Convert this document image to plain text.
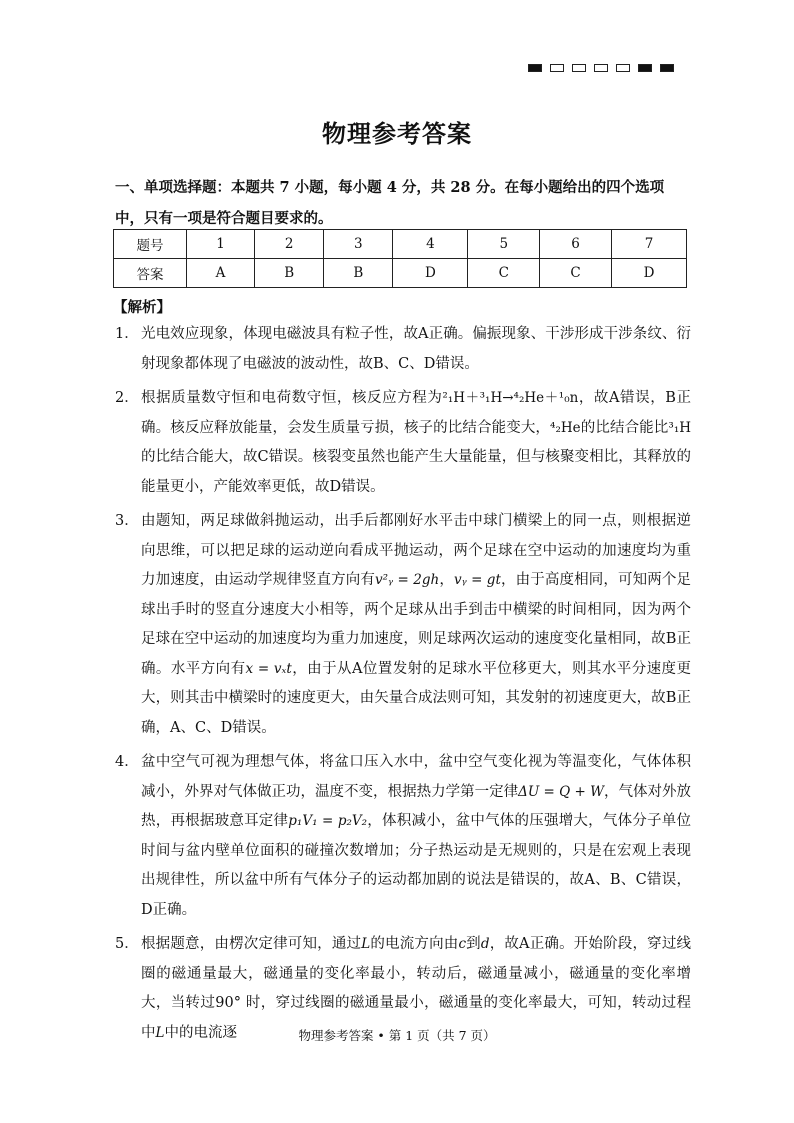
物理参考答案
一、单项选择题：本题共 7 小题，每小题 4 分，共 28 分。在每小题给出的四个选项中，只有一项是符合题目要求的。
题号	1	2	3	4	5	6	7
答案	A	B	B	D	C	C	D
【解析】
1． 光电效应现象，体现电磁波具有粒子性，故A正确。偏振现象、干涉形成干涉条纹、衍射现象都体现了电磁波的波动性，故B、C、D错误。

2． 根据质量数守恒和电荷数守恒，核反应方程为²₁H＋³₁H→⁴₂He＋¹₀n，故A错误，B正确。核反应释放能量，会发生质量亏损，核子的比结合能变大，⁴₂He的比结合能比³₁H的比结合能大，故C错误。核裂变虽然也能产生大量能量，但与核聚变相比，其释放的能量更小，产能效率更低，故D错误。

3． 由题知，两足球做斜抛运动，出手后都刚好水平击中球门横梁上的同一点，则根据逆向思维，可以把足球的运动逆向看成平抛运动，两个足球在空中运动的加速度均为重力加速度，由运动学规律竖直方向有v²ᵧ = 2gh，vᵧ = gt，由于高度相同，可知两个足球出手时的竖直分速度大小相等，两个足球从出手到击中横梁的时间相同，因为两个足球在空中运动的加速度均为重力加速度，则足球两次运动的速度变化量相同，故B正确。水平方向有x = vₓt，由于从A位置发射的足球水平位移更大，则其水平分速度更大，则其击中横梁时的速度更大，由矢量合成法则可知，其发射的初速度更大，故B正确，A、C、D错误。

4． 盆中空气可视为理想气体，将盆口压入水中，盆中空气变化视为等温变化，气体体积减小，外界对气体做正功，温度不变，根据热力学第一定律ΔU = Q + W，气体对外放热，再根据玻意耳定律p₁V₁ = p₂V₂，体积减小，盆中气体的压强增大，气体分子单位时间与盆内壁单位面积的碰撞次数增加；分子热运动是无规则的，只是在宏观上表现出规律性，所以盆中所有气体分子的运动都加剧的说法是错误的，故A、B、C错误，D正确。

5． 根据题意，由楞次定律可知，通过L的电流方向由c到d，故A正确。开始阶段，穿过线圈的磁通量最大，磁通量的变化率最小，转动后，磁通量减小，磁通量的变化率增大，当转过90° 时，穿过线圈的磁通量最小，磁通量的变化率最大，可知，转动过程中L中的电流逐	物理参考答案 • 第 1 页（共 7 页）
